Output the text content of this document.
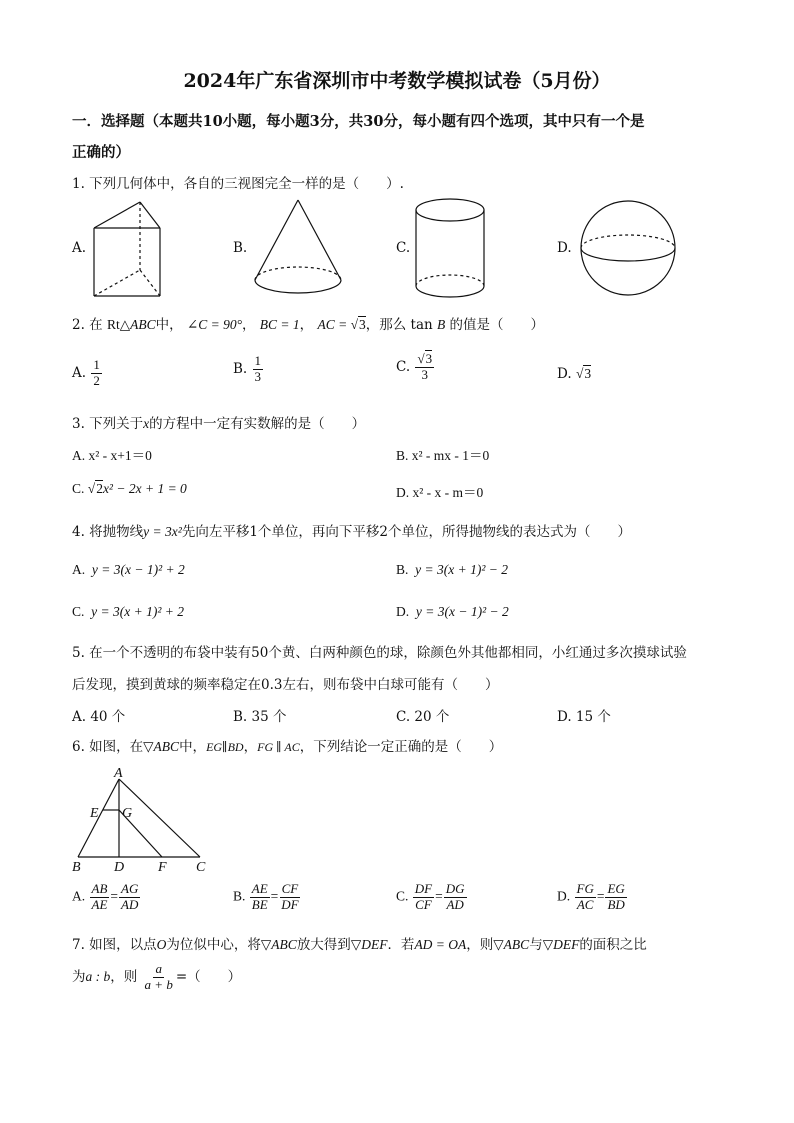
2024年广东省深圳市中考数学模拟试卷（5月份）
一．选择题（本题共10小题，每小题3分，共30分，每小题有四个选项，其中只有一个是
正确的）
1. 下列几何体中，各自的三视图完全一样的是（　　）.
A.	B.	C.	D.
2. 在 Rt△ABC中， ∠C = 90°， BC = 1， AC = √3，那么 tan B 的值是（　　）
A. $\frac{1}{2}$	B. $\frac{1}{3}$	C. $\frac{√3}{3}$	D. √3
3. 下列关于x的方程中一定有实数解的是（　　）
A. x² - x+1＝0	B. x² - mx - 1＝0
C. √2x² − 2x + 1 = 0	D. x² - x - m＝0
4. 将抛物线y = 3x²先向左平移1个单位，再向下平移2个单位，所得抛物线的表达式为（　　）
A. y = 3(x − 1)² + 2	B. y = 3(x + 1)² − 2
C. y = 3(x + 1)² + 2	D. y = 3(x − 1)² − 2
5. 在一个不透明的布袋中装有50个黄、白两种颜色的球，除颜色外其他都相同，小红通过多次摸球试验
后发现，摸到黄球的频率稳定在0.3左右，则布袋中白球可能有（　　）
A. 40 个	B. 35 个	C. 20 个	D. 15 个
6. 如图，在▽ABC中，EG∥BD，FG ∥ AC，下列结论一定正确的是（　　）
A
E G
B D F C
A. $\frac{AB}{AE} = \frac{AG}{AD}$	B. $\frac{AE}{BE} = \frac{CF}{DF}$	C. $\frac{DF}{CF} = \frac{DG}{AD}$	D. $\frac{FG}{AC} = \frac{EG}{BD}$
7. 如图，以点O为位似中心，将▽ABC放大得到▽DEF．若AD = OA，则▽ABC与▽DEF的面积之比
为a : b，则 $\frac{a}{a + b}$ =（　　）
